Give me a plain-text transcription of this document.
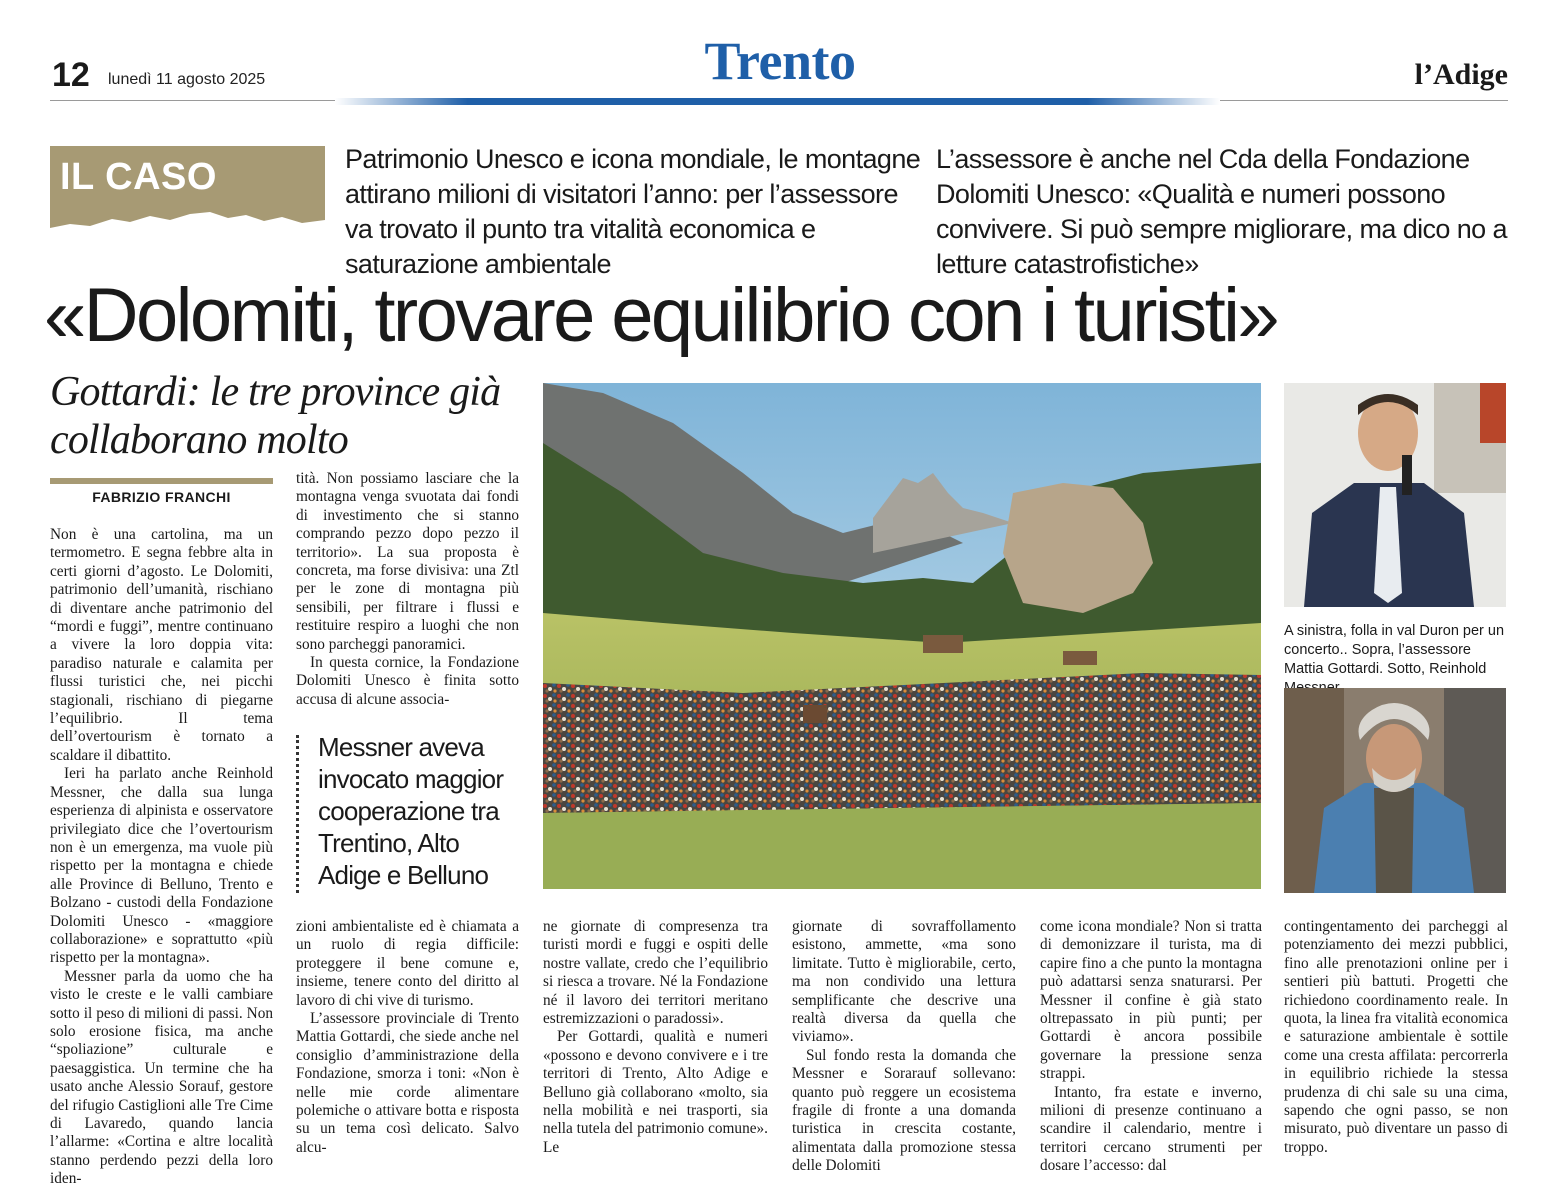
12 lunedì 11 agosto 2025	Trento	l’Adige
IL CASO	Patrimonio Unesco e icona mondiale, le montagne attirano milioni di visitatori l’anno: per l’assessore va trovato il punto tra vitalità economica e saturazione ambientale
L’assessore è anche nel Cda della Fondazione Dolomiti Unesco: «Qualità e numeri possono convivere. Si può sempre migliorare, ma dico no a letture catastrofistiche»
«Dolomiti, trovare equilibrio con i turisti»
Gottardi: le tre province già collaborano molto
FABRIZIO FRANCHI

Non è una cartolina, ma un termometro. E segna febbre alta in certi giorni d’agosto. Le Dolomiti, patrimonio dell’umanità, rischiano di diventare anche patrimonio del “mordi e fuggi”, mentre continuano a vivere la loro doppia vita: paradiso naturale e calamita per flussi turistici che, nei picchi stagionali, rischiano di piegarne l’equilibrio. Il tema dell’overtourism è tornato a scaldare il dibattito.

Ieri ha parlato anche Reinhold Messner, che dalla sua lunga esperienza di alpinista e osservatore privilegiato dice che l’overtourism non è un emergenza, ma vuole più rispetto per la montagna e chiede alle Province di Belluno, Trento e Bolzano - custodi della Fondazione Dolomiti Unesco - «maggiore collaborazione» e soprattutto «più rispetto per la montagna».

Messner parla da uomo che ha visto le creste e le valli cambiare sotto il peso di milioni di passi. Non solo erosione fisica, ma anche “spoliazione” culturale e paesaggistica. Un termine che ha usato anche Alessio Sorauf, gestore del rifugio Castiglioni alle Tre Cime di Lavaredo, quando lancia l’allarme: «Cortina e altre località stanno perdendo pezzi della loro iden-

tità. Non possiamo lasciare che la montagna venga svuotata dai fondi di investimento che si stanno comprando pezzo dopo pezzo il territorio». La sua proposta è concreta, ma forse divisiva: una Ztl per le zone di montagna più sensibili, per filtrare i flussi e restituire respiro a luoghi che non sono parcheggi panoramici.

In questa cornice, la Fondazione Dolomiti Unesco è finita sotto accusa di alcune associa-

Messner aveva invocato maggior cooperazione tra Trentino, Alto Adige e Belluno

zioni ambientaliste ed è chiamata a un ruolo di regia difficile: proteggere il bene comune e, insieme, tenere conto del diritto al lavoro di chi vive di turismo.

L’assessore provinciale di Trento Mattia Gottardi, che siede anche nel consiglio d’amministrazione della Fondazione, smorza i toni: «Non è nelle mie corde alimentare polemiche o attivare botta e risposta su un tema così delicato. Salvo alcu-

ne giornate di compresenza tra turisti mordi e fuggi e ospiti delle nostre vallate, credo che l’equilibrio si riesca a trovare. Né la Fondazione né il lavoro dei territori meritano estremizzazioni o paradossi».

Per Gottardi, qualità e numeri «possono e devono convivere e i tre territori di Trento, Alto Adige e Belluno già collaborano «molto, sia nella mobilità e nei trasporti, sia nella tutela del patrimonio comune». Le

giornate di sovraffollamento esistono, ammette, «ma sono limitate. Tutto è migliorabile, certo, ma non condivido una lettura semplificante che descrive una realtà diversa da quella che viviamo».

Sul fondo resta la domanda che Messner e Sorarauf sollevano: quanto può reggere un ecosistema fragile di fronte a una domanda turistica in crescita costante, alimentata dalla promozione stessa delle Dolomiti

come icona mondiale? Non si tratta di demonizzare il turista, ma di capire fino a che punto la montagna può adattarsi senza snaturarsi. Per Messner il confine è già stato oltrepassato in più punti; per Gottardi è ancora possibile governare la pressione senza strappi.

Intanto, fra estate e inverno, milioni di presenze continuano a scandire il calendario, mentre i territori cercano strumenti per dosare l’accesso: dal

contingentamento dei parcheggi al potenziamento dei mezzi pubblici, fino alle prenotazioni online per i sentieri più battuti. Progetti che richiedono coordinamento reale. In quota, la linea fra vitalità economica e saturazione ambientale è sottile come una cresta affilata: percorrerla in equilibrio richiede la stessa prudenza di chi sale su una cima, sapendo che ogni passo, se non misurato, può diventare un passo di troppo.

A sinistra, folla in val Duron per un concerto.. Sopra, l’assessore Mattia Gottardi. Sotto, Reinhold
